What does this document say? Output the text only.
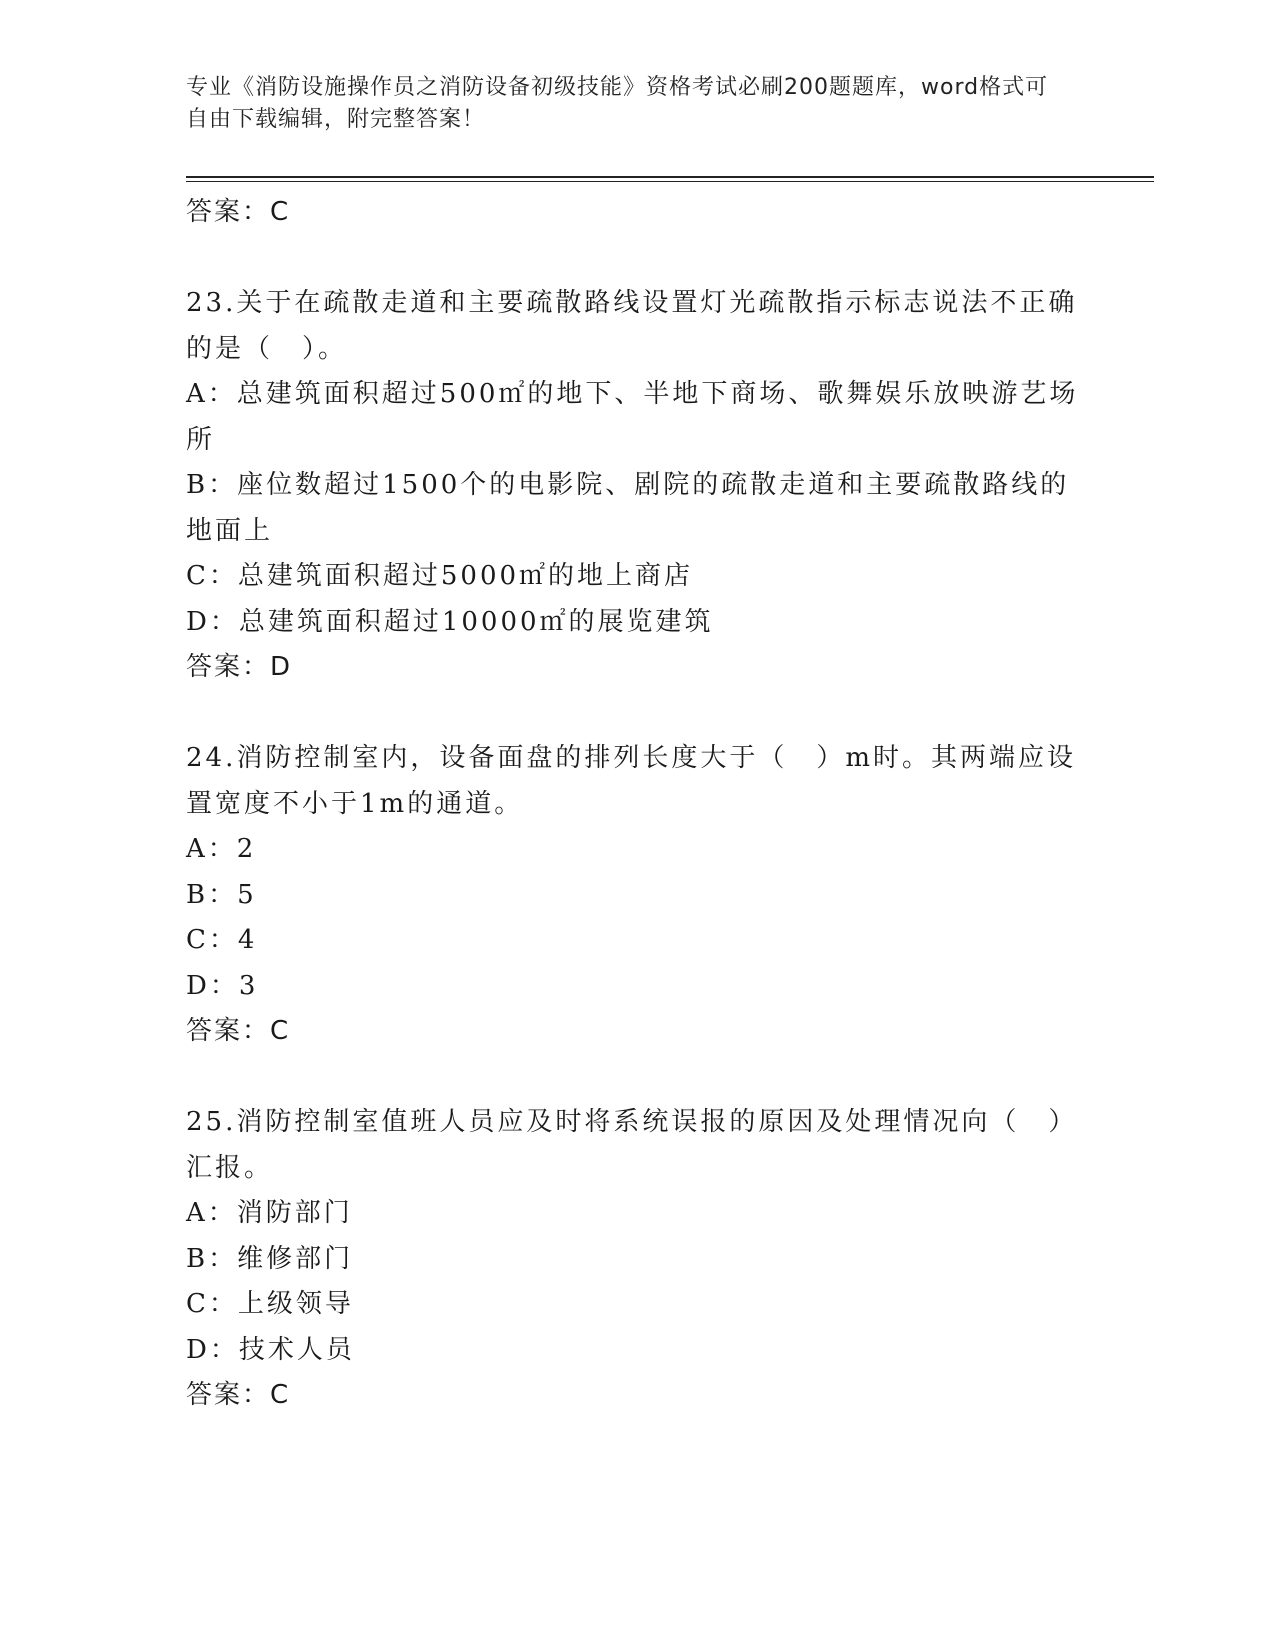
专业《消防设施操作员之消防设备初级技能》资格考试必刷200题题库，word格式可自由下载编辑，附完整答案！
答案：C
23.关于在疏散走道和主要疏散路线设置灯光疏散指示标志说法不正确
的是（　）。
A：总建筑面积超过500㎡的地下、半地下商场、歌舞娱乐放映游艺场
所
B：座位数超过1500个的电影院、剧院的疏散走道和主要疏散路线的
地面上
C：总建筑面积超过5000㎡的地上商店
D：总建筑面积超过10000㎡的展览建筑
答案：D
24.消防控制室内，设备面盘的排列长度大于（　）m时。其两端应设
置宽度不小于1m的通道。
A：2
B：5
C：4
D：3
答案：C
25.消防控制室值班人员应及时将系统误报的原因及处理情况向（　）
汇报。
A：消防部门
B：维修部门
C：上级领导
D：技术人员
答案：C
